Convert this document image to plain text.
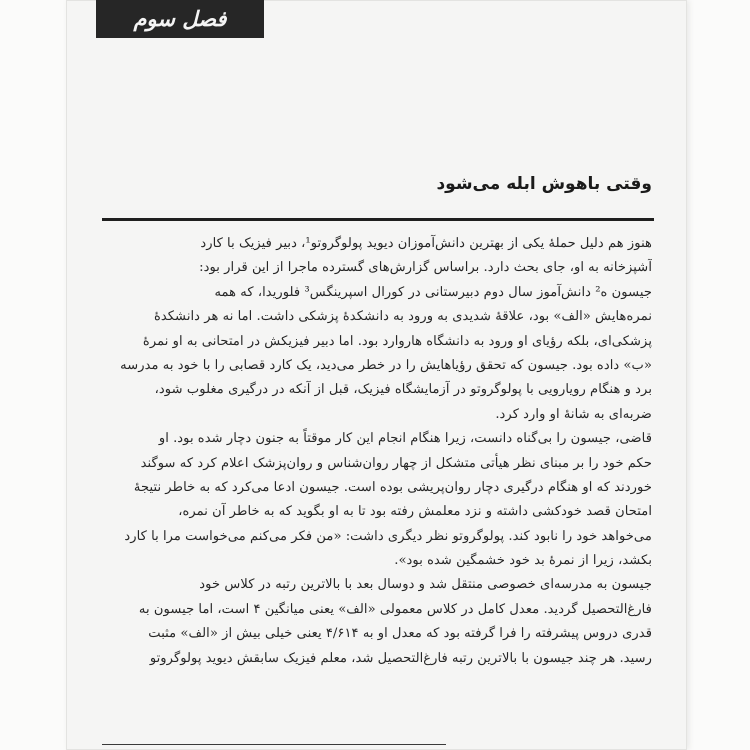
فصل سوم
وقتی باهوش ابله می‌شود
هنوز هم دلیل حملهٔ یکی از بهترین دانش‌آموزان دیوید پولوگروتو¹، دبیر فیزیک با کارد
آشپزخانه به او، جای بحث دارد. براساس گزارش‌های گسترده ماجرا از این قرار بود:
جیسون ه² دانش‌آموز سال دوم دبیرستانی در کورال اسپرینگس³ فلوریدا، که همه
نمره‌هایش «الف» بود، علاقهٔ شدیدی به ورود به دانشکدهٔ پزشکی داشت. اما نه هر دانشکدهٔ
پزشکی‌ای، بلکه رؤیای او ورود به دانشگاه هاروارد بود. اما دبیر فیزیکش در امتحانی به او نمرهٔ
«ب» داده بود. جیسون که تحقق رؤیاهایش را در خطر می‌دید، یک کارد قصابی را با خود به مدرسه
برد و هنگام رویارویی با پولوگروتو در آزمایشگاه فیزیک، قبل از آنکه در درگیری مغلوب شود،
ضربه‌ای به شانهٔ او وارد کرد.
قاضی، جیسون را بی‌گناه دانست، زیرا هنگام انجام این کار موقتاً به جنون دچار شده بود. او
حکم خود را بر مبنای نظر هیأتی متشکل از چهار روان‌شناس و روان‌پزشک اعلام کرد که سوگند
خوردند که او هنگام درگیری دچار روان‌پریشی بوده است. جیسون ادعا می‌کرد که به خاطر نتیجهٔ
امتحان قصد خودکشی داشته و نزد معلمش رفته بود تا به او بگوید که به خاطر آن نمره،
می‌خواهد خود را نابود کند. پولوگروتو نظر دیگری داشت: «من فکر می‌کنم می‌خواست مرا با کارد
بکشد، زیرا از نمرهٔ بد خود خشمگین شده بود».
جیسون به مدرسه‌ای خصوصی منتقل شد و دوسال بعد با بالاترین رتبه در کلاس خود
فارغ‌التحصیل گردید. معدل کامل در کلاس معمولی «الف» یعنی میانگین ۴ است، اما جیسون به
قدری دروس پیشرفته را فرا گرفته بود که معدل او به ۴/۶۱۴ یعنی خیلی بیش از «الف» مثبت
رسید. هر چند جیسون با بالاترین رتبه فارغ‌التحصیل شد، معلم فیزیک سابقش دیوید پولوگروتو
